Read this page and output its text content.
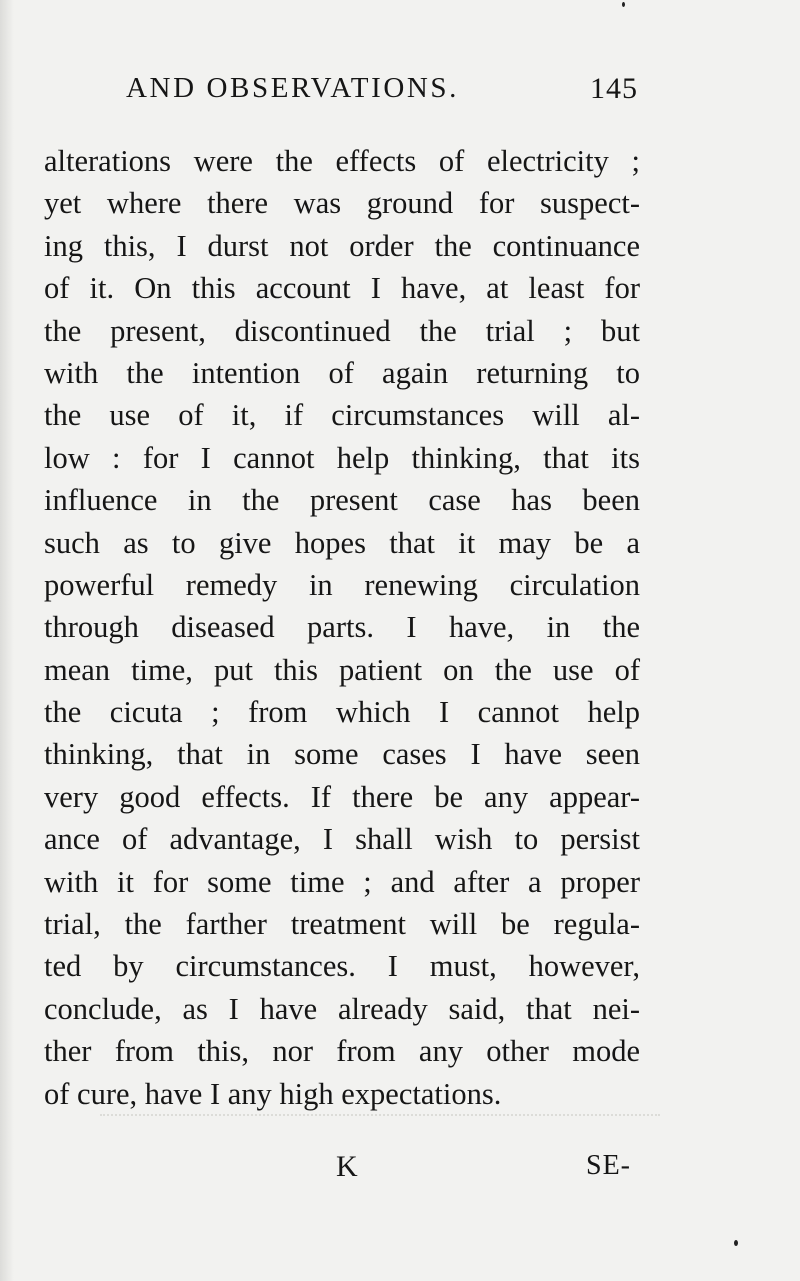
AND OBSERVATIONS.	145
alterations were the effects of electricity ;
yet where there was ground for suspect-
ing this, I durst not order the continuance
of it. On this account I have, at least for
the present, discontinued the trial ; but
with the intention of again returning to
the use of it, if circumstances will al-
low : for I cannot help thinking, that its
influence in the present case has been
such as to give hopes that it may be a
powerful remedy in renewing circulation
through diseased parts. I have, in the
mean time, put this patient on the use of
the cicuta ; from which I cannot help
thinking, that in some cases I have seen
very good effects. If there be any appear-
ance of advantage, I shall wish to persist
with it for some time ; and after a proper
trial, the farther treatment will be regula-
ted by circumstances. I must, however,
conclude, as I have already said, that nei-
ther from this, nor from any other mode
of cure, have I any high expectations.
K	SE-
